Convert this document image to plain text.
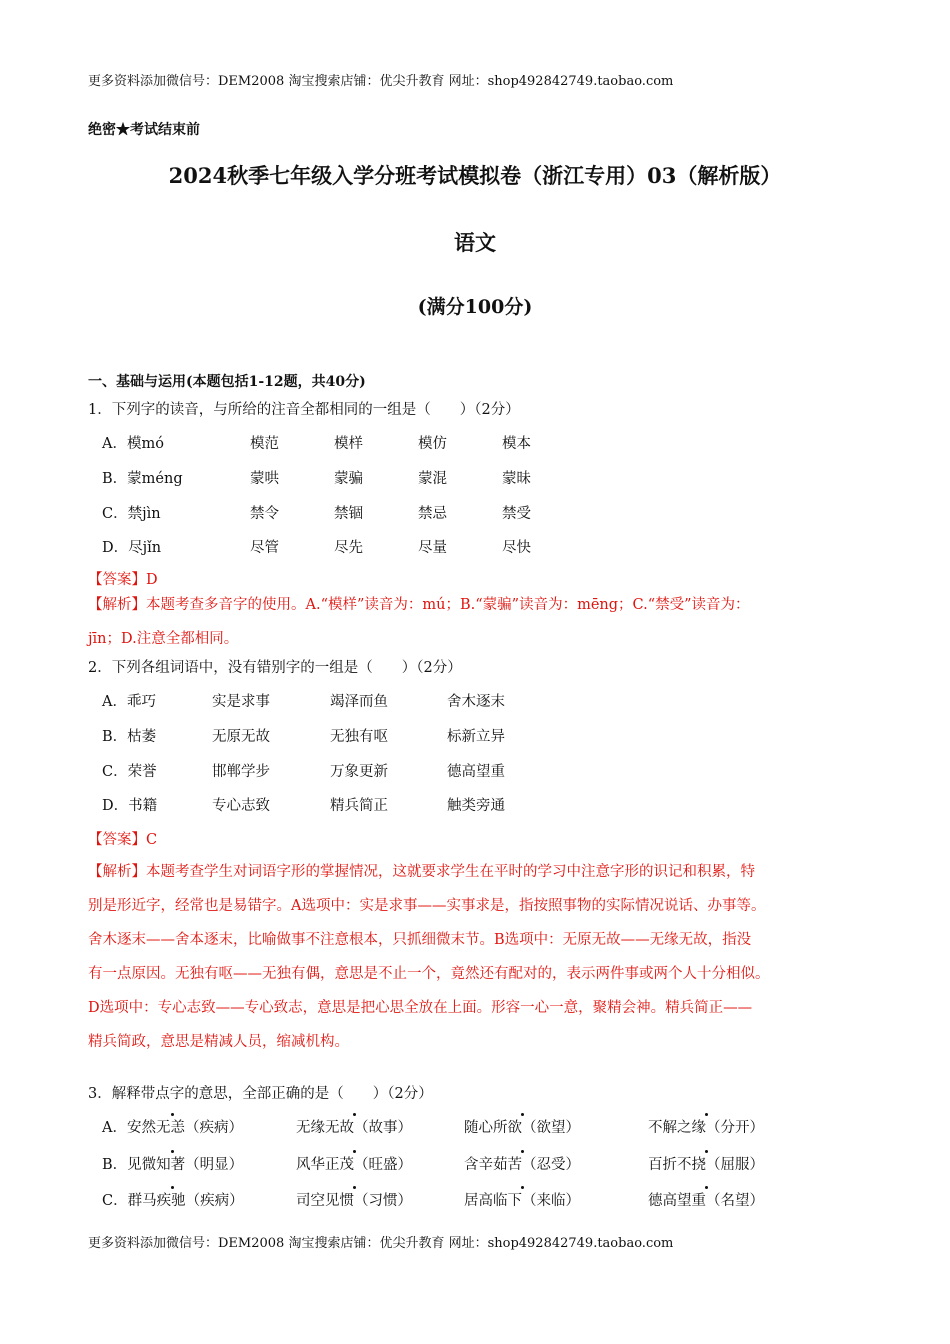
更多资料添加微信号：DEM2008 淘宝搜索店铺：优尖升教育 网址：shop492842749.taobao.com
绝密★考试结束前
2024秋季七年级入学分班考试模拟卷（浙江专用）03（解析版）
语文
(满分100分)
一、基础与运用(本题包括1-12题，共40分)
1．下列字的读音，与所给的注音全都相同的一组是（　　）（2分）
A．模mó	模范	模样	模仿	模本
B．蒙méng	蒙哄	蒙骗	蒙混	蒙昧
C．禁jìn	禁令	禁锢	禁忌	禁受
D．尽jǐn	尽管	尽先	尽量	尽快
【答案】D

【解析】本题考查多音字的使用。A.“模样”读音为：mú；B.“蒙骗”读音为：mēng；C.“禁受”读音为：

jīn；D.注意全都相同。

2．下列各组词语中，没有错别字的一组是（　　）（2分）
A．乖巧	实是求事	竭泽而鱼	舍木逐末
B．枯萎	无原无故	无独有呕	标新立异
C．荣誉	邯郸学步	万象更新	德高望重
D．书籍	专心志致	精兵简正	触类旁通
【答案】C

【解析】本题考查学生对词语字形的掌握情况，这就要求学生在平时的学习中注意字形的识记和积累，特

别是形近字，经常也是易错字。A选项中：实是求事——实事求是，指按照事物的实际情况说话、办事等。

舍木逐末——舍本逐末，比喻做事不注意根本，只抓细微末节。B选项中：无原无故——无缘无故，指没

有一点原因。无独有呕——无独有偶，意思是不止一个，竟然还有配对的，表示两件事或两个人十分相似。

D选项中：专心志致——专心致志，意思是把心思全放在上面。形容一心一意，聚精会神。精兵简正——

精兵简政，意思是精减人员，缩减机构。

3．解释带点字的意思，全部正确的是（　　）（2分）
A．安然无恙（疾病）	无缘无故（故事）	随心所欲（欲望）	不解之缘（分开）
B．见微知著（明显）	风华正茂（旺盛）	含辛茹苦（忍受）	百折不挠（屈服）
C．群马疾驰（疾病）	司空见惯（习惯）	居高临下（来临）	德高望重（名望）
更多资料添加微信号：DEM2008 淘宝搜索店铺：优尖升教育 网址：shop492842749.taobao.com
